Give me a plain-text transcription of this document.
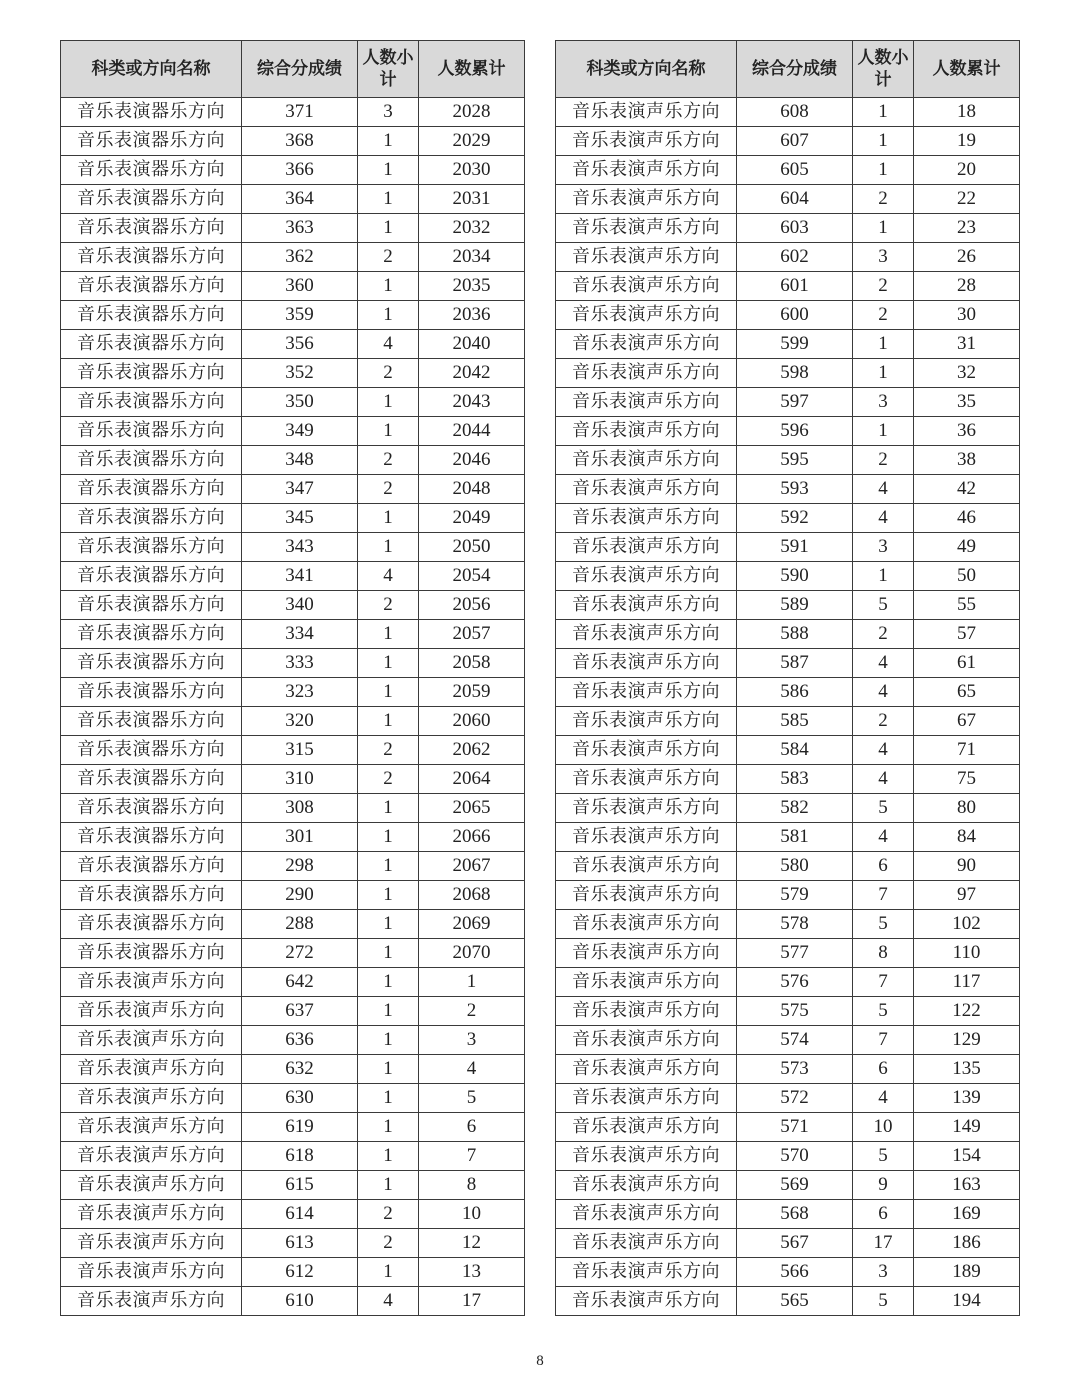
科类或方向名称	综合分成绩	人数小计	人数累计
音乐表演器乐方向	371	3	2028
音乐表演器乐方向	368	1	2029
音乐表演器乐方向	366	1	2030
音乐表演器乐方向	364	1	2031
音乐表演器乐方向	363	1	2032
音乐表演器乐方向	362	2	2034
音乐表演器乐方向	360	1	2035
音乐表演器乐方向	359	1	2036
音乐表演器乐方向	356	4	2040
音乐表演器乐方向	352	2	2042
音乐表演器乐方向	350	1	2043
音乐表演器乐方向	349	1	2044
音乐表演器乐方向	348	2	2046
音乐表演器乐方向	347	2	2048
音乐表演器乐方向	345	1	2049
音乐表演器乐方向	343	1	2050
音乐表演器乐方向	341	4	2054
音乐表演器乐方向	340	2	2056
音乐表演器乐方向	334	1	2057
音乐表演器乐方向	333	1	2058
音乐表演器乐方向	323	1	2059
音乐表演器乐方向	320	1	2060
音乐表演器乐方向	315	2	2062
音乐表演器乐方向	310	2	2064
音乐表演器乐方向	308	1	2065
音乐表演器乐方向	301	1	2066
音乐表演器乐方向	298	1	2067
音乐表演器乐方向	290	1	2068
音乐表演器乐方向	288	1	2069
音乐表演器乐方向	272	1	2070
音乐表演声乐方向	642	1	1
音乐表演声乐方向	637	1	2
音乐表演声乐方向	636	1	3
音乐表演声乐方向	632	1	4
音乐表演声乐方向	630	1	5
音乐表演声乐方向	619	1	6
音乐表演声乐方向	618	1	7
音乐表演声乐方向	615	1	8
音乐表演声乐方向	614	2	10
音乐表演声乐方向	613	2	12
音乐表演声乐方向	612	1	13
音乐表演声乐方向	610	4	17
科类或方向名称	综合分成绩	人数小计	人数累计
音乐表演声乐方向	608	1	18
音乐表演声乐方向	607	1	19
音乐表演声乐方向	605	1	20
音乐表演声乐方向	604	2	22
音乐表演声乐方向	603	1	23
音乐表演声乐方向	602	3	26
音乐表演声乐方向	601	2	28
音乐表演声乐方向	600	2	30
音乐表演声乐方向	599	1	31
音乐表演声乐方向	598	1	32
音乐表演声乐方向	597	3	35
音乐表演声乐方向	596	1	36
音乐表演声乐方向	595	2	38
音乐表演声乐方向	593	4	42
音乐表演声乐方向	592	4	46
音乐表演声乐方向	591	3	49
音乐表演声乐方向	590	1	50
音乐表演声乐方向	589	5	55
音乐表演声乐方向	588	2	57
音乐表演声乐方向	587	4	61
音乐表演声乐方向	586	4	65
音乐表演声乐方向	585	2	67
音乐表演声乐方向	584	4	71
音乐表演声乐方向	583	4	75
音乐表演声乐方向	582	5	80
音乐表演声乐方向	581	4	84
音乐表演声乐方向	580	6	90
音乐表演声乐方向	579	7	97
音乐表演声乐方向	578	5	102
音乐表演声乐方向	577	8	110
音乐表演声乐方向	576	7	117
音乐表演声乐方向	575	5	122
音乐表演声乐方向	574	7	129
音乐表演声乐方向	573	6	135
音乐表演声乐方向	572	4	139
音乐表演声乐方向	571	10	149
音乐表演声乐方向	570	5	154
音乐表演声乐方向	569	9	163
音乐表演声乐方向	568	6	169
音乐表演声乐方向	567	17	186
音乐表演声乐方向	566	3	189
音乐表演声乐方向	565	5	194
8
